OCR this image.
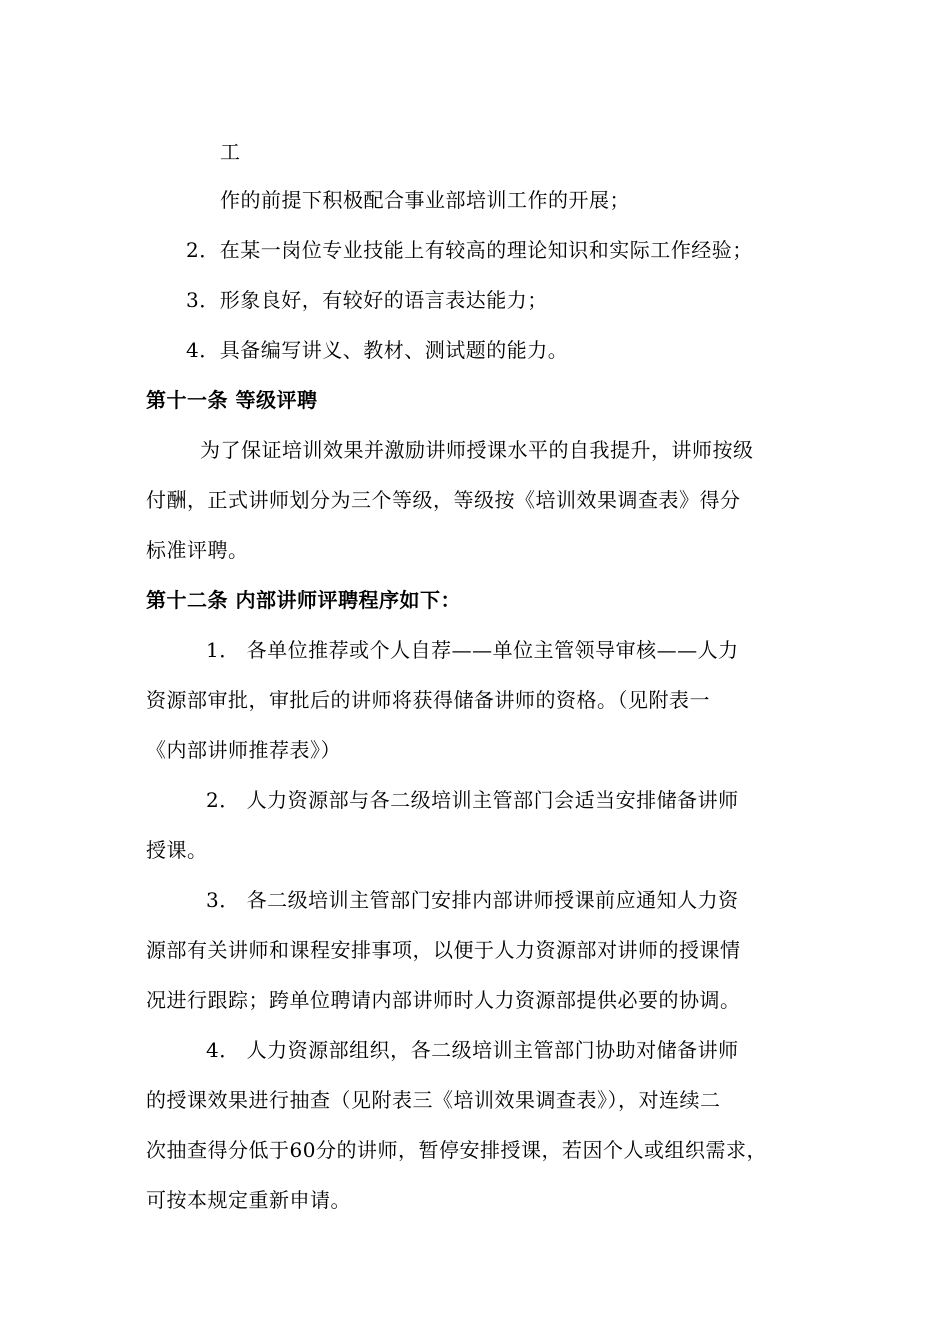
工
作的前提下积极配合事业部培训工作的开展；
2．在某一岗位专业技能上有较高的理论知识和实际工作经验；
3．形象良好，有较好的语言表达能力；
4．具备编写讲义、教材、测试题的能力。
第十一条 等级评聘
为了保证培训效果并激励讲师授课水平的自我提升，讲师按级
付酬，正式讲师划分为三个等级，等级按《培训效果调查表》得分
标准评聘。
第十二条 内部讲师评聘程序如下：
1． 各单位推荐或个人自荐——单位主管领导审核——人力
资源部审批，审批后的讲师将获得储备讲师的资格。（见附表一
《内部讲师推荐表》）
2． 人力资源部与各二级培训主管部门会适当安排储备讲师
授课。
3． 各二级培训主管部门安排内部讲师授课前应通知人力资
源部有关讲师和课程安排事项，以便于人力资源部对讲师的授课情
况进行跟踪；跨单位聘请内部讲师时人力资源部提供必要的协调。
4． 人力资源部组织，各二级培训主管部门协助对储备讲师
的授课效果进行抽查（见附表三《培训效果调查表》），对连续二
次抽查得分低于60分的讲师，暂停安排授课，若因个人或组织需求，
可按本规定重新申请。
